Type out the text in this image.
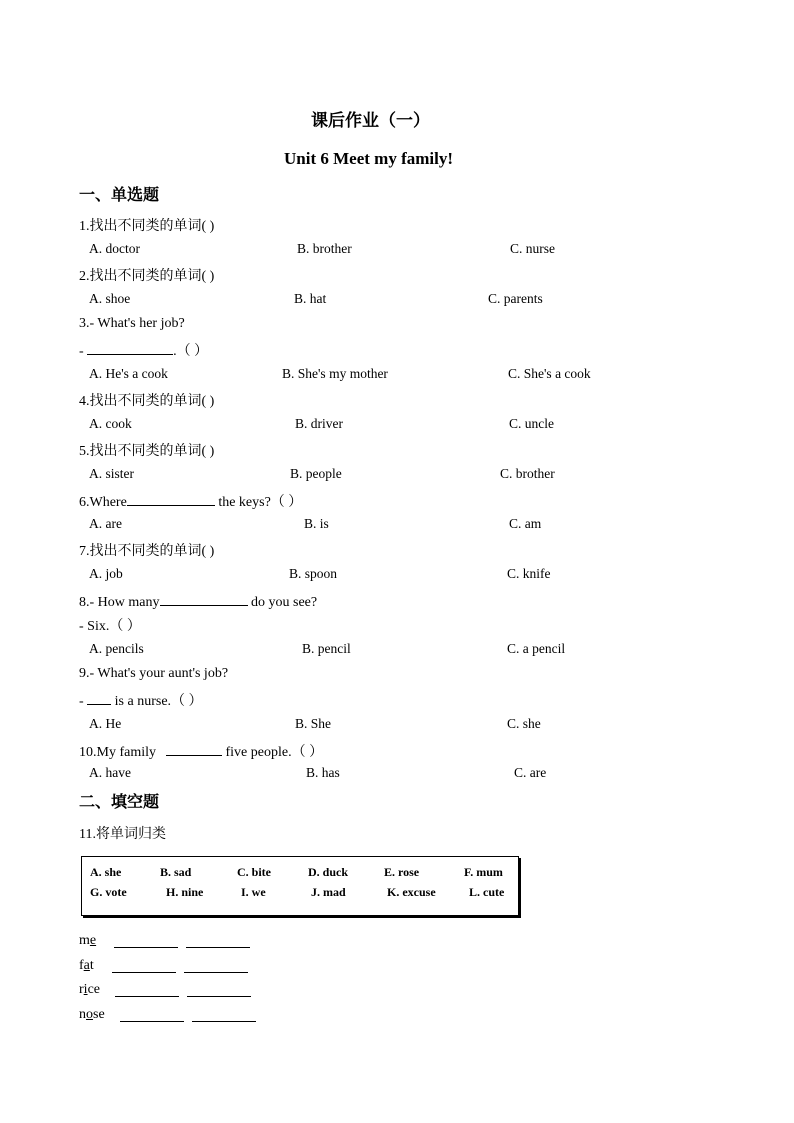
课后作业（一）
Unit 6 Meet my family!
一、单选题
1.找出不同类的单词( )
A. doctor	B. brother	C. nurse
2.找出不同类的单词( )
A. shoe	B. hat	C. parents
3.- What's her job?
-	.（ ）
A. He's a cook	B. She's my mother	C. She's a cook
4.找出不同类的单词( )
A. cook	B. driver	C. uncle
5.找出不同类的单词( )
A. sister	B. people	C. brother
6.Where	the keys?（ ）
A. are	B. is	C. am
7.找出不同类的单词( )
A. job	B. spoon	C. knife
8.- How many	do you see?
- Six.（ ）
A. pencils	B. pencil	C. a pencil
9.- What's your aunt's job?
-  is a nurse.（ ）
A. He	B. She	C. she
10.My family	five people.（ ）
A. have	B. has	C. are
二、填空题
11.将单词归类
A. she	B. sad	C. bite	D. duck	E. rose	F. mum
G. vote	H. nine	I. we	J. mad	K. excuse	L. cute
me
fat
rice
nose
